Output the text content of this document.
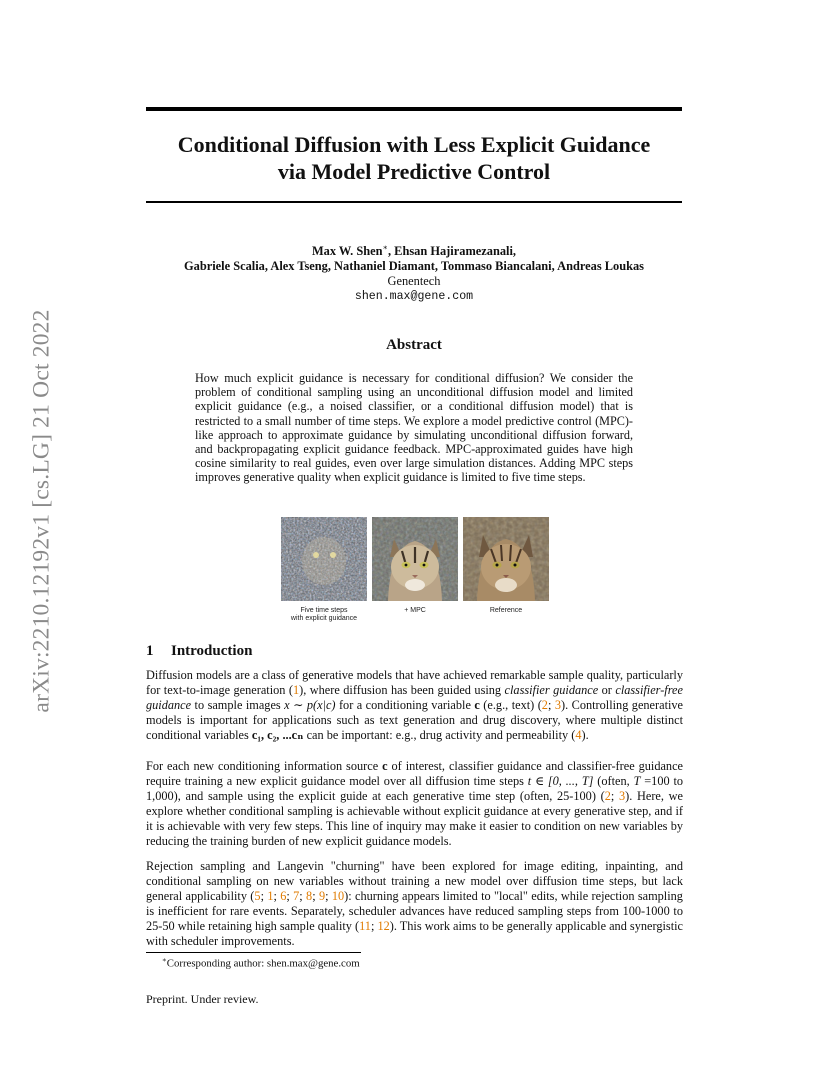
arXiv:2210.12192v1 [cs.LG] 21 Oct 2022
Conditional Diffusion with Less Explicit Guidance
via Model Predictive Control
Max W. Shen∗, Ehsan Hajiramezanali,
Gabriele Scalia, Alex Tseng, Nathaniel Diamant, Tommaso Biancalani, Andreas Loukas
Genentech
shen.max@gene.com
Abstract
How much explicit guidance is necessary for conditional diffusion? We consider the problem of conditional sampling using an unconditional diffusion model and limited explicit guidance (e.g., a noised classifier, or a conditional diffusion model) that is restricted to a small number of time steps. We explore a model predictive control (MPC)-like approach to approximate guidance by simulating unconditional diffusion forward, and backpropagating explicit guidance feedback. MPC-approximated guides have high cosine similarity to real guides, even over large simulation distances. Adding MPC steps improves generative quality when explicit guidance is limited to five time steps.
Five time steps
with explicit guidance
+ MPC	Reference
1 Introduction
Diffusion models are a class of generative models that have achieved remarkable sample quality, particularly for text-to-image generation (1), where diffusion has been guided using classifier guidance or classifier-free guidance to sample images x ∼ p(x|c) for a conditioning variable c (e.g., text) (2; 3). Controlling generative models is important for applications such as text generation and drug discovery, where multiple distinct conditional variables c₁, c₂, ...cₙ can be important: e.g., drug activity and permeability (4).
For each new conditioning information source c of interest, classifier guidance and classifier-free guidance require training a new explicit guidance model over all diffusion time steps t ∈ [0, ..., T] (often, T =100 to 1,000), and sample using the explicit guide at each generative time step (often, 25-100) (2; 3). Here, we explore whether conditional sampling is achievable without explicit guidance at every generative step, and if it is achievable with very few steps. This line of inquiry may make it easier to condition on new variables by reducing the training burden of new explicit guidance models.
Rejection sampling and Langevin "churning" have been explored for image editing, inpainting, and conditional sampling on new variables without training a new model over diffusion time steps, but lack general applicability (5; 1; 6; 7; 8; 9; 10): churning appears limited to "local" edits, while rejection sampling is inefficient for rare events. Separately, scheduler advances have reduced sampling steps from 100-1000 to 25-50 while retaining high sample quality (11; 12). This work aims to be generally applicable and synergistic with scheduler improvements.
∗Corresponding author: shen.max@gene.com
Preprint. Under review.
